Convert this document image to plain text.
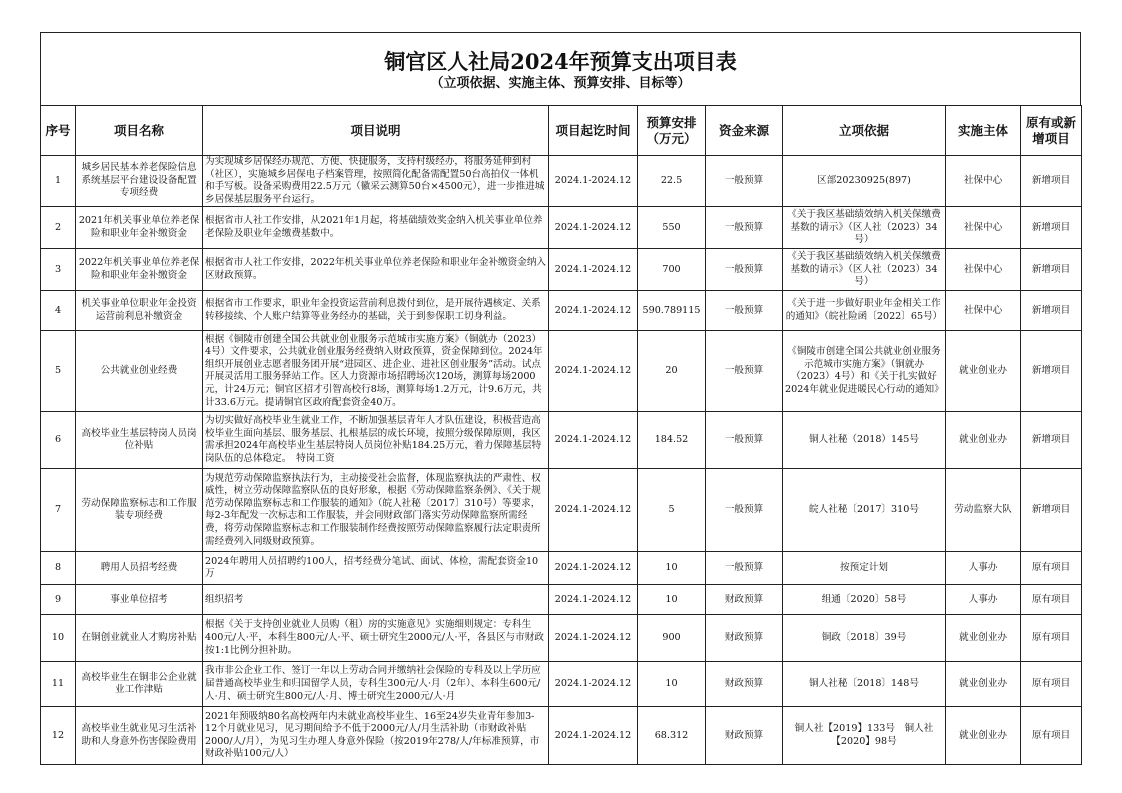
铜官区人社局2024年预算支出项目表
（立项依据、实施主体、预算安排、目标等）
序号	项目名称	项目说明	项目起讫时间	预算安排（万元）	资金来源	立项依据	实施主体	原有或新增项目
1	城乡居民基本养老保险信息系统基层平台建设设备配置专项经费	为实现城乡居保经办规范、方便、快捷服务，支持村级经办，将服务延伸到村（社区），实施城乡居保电子档案管理，按照简化配备需配置50台高拍仪一体机和手写板。设备采购费用22.5万元（徽采云测算50台×4500元），进一步推进城乡居保基层服务平台运行。	2024.1-2024.12	22.5	一般预算	区部20230925(897)	社保中心	新增项目
2	2021年机关事业单位养老保险和职业年金补缴资金	根据省市人社工作安排，从2021年1月起，将基础绩效奖金纳入机关事业单位养老保险及职业年金缴费基数中。	2024.1-2024.12	550	一般预算	《关于我区基础绩效纳入机关保缴费基数的请示》（区人社（2023）34号）	社保中心	新增项目
3	2022年机关事业单位养老保险和职业年金补缴资金	根据省市人社工作安排，2022年机关事业单位养老保险和职业年金补缴资金纳入区财政预算。	2024.1-2024.12	700	一般预算	《关于我区基础绩效纳入机关保缴费基数的请示》（区人社（2023）34号）	社保中心	新增项目
4	机关事业单位职业年金投资运营前利息补缴资金	根据省市工作要求，职业年金投资运营前利息拨付到位，是开展待遇核定、关系转移接续、个人账户结算等业务经办的基础，关于到参保职工切身利益。	2024.1-2024.12	590.789115	一般预算	《关于进一步做好职业年金相关工作的通知》（皖社险函〔2022〕65号）	社保中心	新增项目
5	公共就业创业经费	根据《铜陵市创建全国公共就业创业服务示范城市实施方案》（铜就办（2023）4号）文件要求，公共就业创业服务经费纳入财政预算，资金保障到位。2024年组织开展创业志愿者服务团开展“进园区、进企业、进社区创业服务”活动。试点开展灵活用工服务驿站工作。区人力资源市场招聘场次120场，测算每场2000元，计24万元；铜官区招才引智高校行8场，测算每场1.2万元，计9.6万元，共计33.6万元。提请铜官区政府配套资金40万。	2024.1-2024.12	20	一般预算	《铜陵市创建全国公共就业创业服务示范城市实施方案》（铜就办（2023）4号）和《关于扎实做好2024年就业促进暖民心行动的通知》	就业创业办	新增项目
6	高校毕业生基层特岗人员岗位补贴	为切实做好高校毕业生就业工作，不断加强基层青年人才队伍建设，积极营造高校毕业生面向基层、服务基层、扎根基层的成长环境，按照分级保障原则，我区需承担2024年高校毕业生基层特岗人员岗位补贴184.25万元，着力保障基层特岗队伍的总体稳定。　特岗工资	2024.1-2024.12	184.52	一般预算	铜人社秘（2018）145号	就业创业办	新增项目
7	劳动保障监察标志和工作服装专项经费	为规范劳动保障监察执法行为，主动接受社会监督，体现监察执法的严肃性、权威性，树立劳动保障监察队伍的良好形象，根据《劳动保障监察条例》、《关于规范劳动保障监察标志和工作服装的通知》（皖人社秘〔2017〕310号）等要求，每2-3年配发一次标志和工作服装，并会同财政部门落实劳动保障监察所需经费，将劳动保障监察标志和工作服装制作经费按照劳动保障监察履行法定职责所需经费列入同级财政预算。	2024.1-2024.12	5	一般预算	皖人社秘〔2017〕310号	劳动监察大队	新增项目
8	聘用人员招考经费	2024年聘用人员招聘约100人，招考经费分笔试、面试、体检，需配套资金10万	2024.1-2024.12	10	一般预算	按预定计划	人事办	原有项目
9	事业单位招考	组织招考	2024.1-2024.12	10	财政预算	组通〔2020〕58号	人事办	原有项目
10	在铜创业就业人才购房补贴	根据《关于支持创业就业人员购（租）房的实施意见》实施细则规定：专科生400元/人·平，本科生800元/人·平、硕士研究生2000元/人·平，各县区与市财政按1:1比例分担补助。	2024.1-2024.12	900	财政预算	铜政〔2018〕39号	就业创业办	原有项目
11	高校毕业生在铜非公企业就业工作津贴	我市非公企业工作、签订一年以上劳动合同并缴纳社会保险的专科及以上学历应届普通高校毕业生和归国留学人员，专科生300元/人·月（2年）、本科生600元/人·月、硕士研究生800元/人·月、博士研究生2000元/人·月	2024.1-2024.12	10	财政预算	铜人社秘〔2018〕148号	就业创业办	原有项目
12	高校毕业生就业见习生活补助和人身意外伤害保险费用	2021年预吸纳80名高校两年内未就业高校毕业生、16至24岁失业青年参加3-12个月就业见习，见习期间给予不低于2000元/人/月生活补助（市财政补贴2000/人/月），为见习生办理人身意外保险（按2019年278/人/年标准预算，市财政补贴100元/人）	2024.1-2024.12	68.312	财政预算	铜人社【2019】133号　铜人社【2020】98号	就业创业办	原有项目
